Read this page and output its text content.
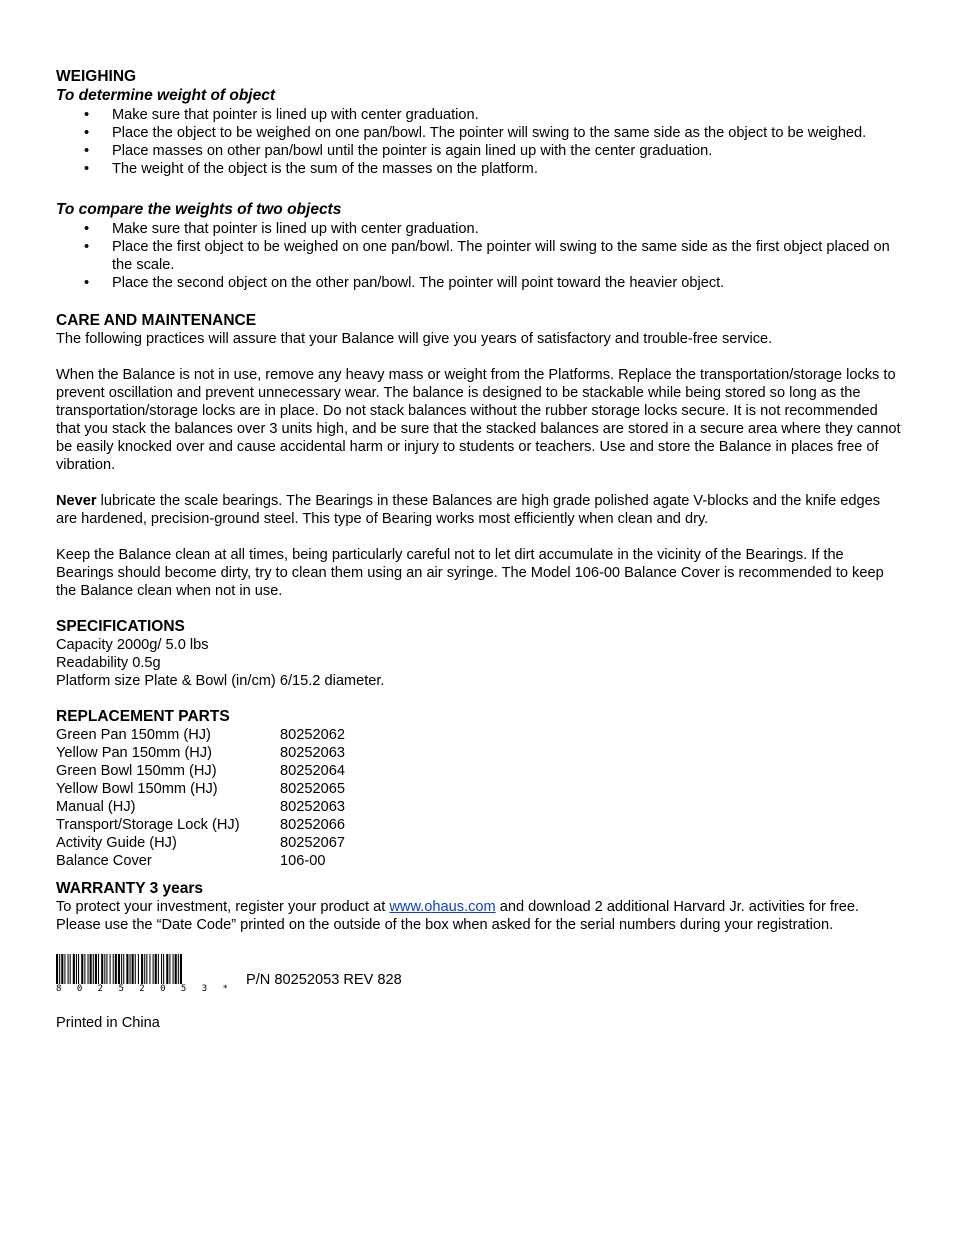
WEIGHING
To determine weight of object
• Make sure that pointer is lined up with center graduation.
• Place the object to be weighed on one pan/bowl. The pointer will swing to the same side as the object to be weighed.
• Place masses on other pan/bowl until the pointer is again lined up with the center graduation.
• The weight of the object is the sum of the masses on the platform.
To compare the weights of two objects
• Make sure that pointer is lined up with center graduation.
• Place the first object to be weighed on one pan/bowl. The pointer will swing to the same side as the first object placed on the scale.
• Place the second object on the other pan/bowl. The pointer will point toward the heavier object.
CARE AND MAINTENANCE

The following practices will assure that your Balance will give you years of satisfactory and trouble-free service.

When the Balance is not in use, remove any heavy mass or weight from the Platforms. Replace the transportation/storage locks to prevent oscillation and prevent unnecessary wear. The balance is designed to be stackable while being stored so long as the transportation/storage locks are in place. Do not stack balances without the rubber storage locks secure. It is not recommended that you stack the balances over 3 units high, and be sure that the stacked balances are stored in a secure area where they cannot be easily knocked over and cause accidental harm or injury to students or teachers. Use and store the Balance in places free of vibration.

Never lubricate the scale bearings. The Bearings in these Balances are high grade polished agate V-blocks and the knife edges are hardened, precision-ground steel. This type of Bearing works most efficiently when clean and dry.

Keep the Balance clean at all times, being particularly careful not to let dirt accumulate in the vicinity of the Bearings. If the Bearings should become dirty, try to clean them using an air syringe. The Model 106-00 Balance Cover is recommended to keep the Balance clean when not in use.

SPECIFICATIONS

Capacity 2000g/ 5.0 lbs

Readability 0.5g

Platform size Plate & Bowl (in/cm) 6/15.2 diameter.

REPLACEMENT PARTS
Green Pan 150mm (HJ)	80252062
Yellow Pan 150mm (HJ)	80252063
Green Bowl 150mm (HJ)	80252064
Yellow Bowl 150mm (HJ)	80252065
Manual (HJ)	80252063
Transport/Storage Lock (HJ)	80252066
Activity Guide (HJ)	80252067
Balance Cover	106-00
WARRANTY 3 years

To protect your investment, register your product at www.ohaus.com and download 2 additional Harvard Jr. activities for free. Please use the “Date Code” printed on the outside of the box when asked for the serial numbers during your registration.

8 0 2 5 2 0 5 3 *
P/N 80252053 REV 828

Printed in China
